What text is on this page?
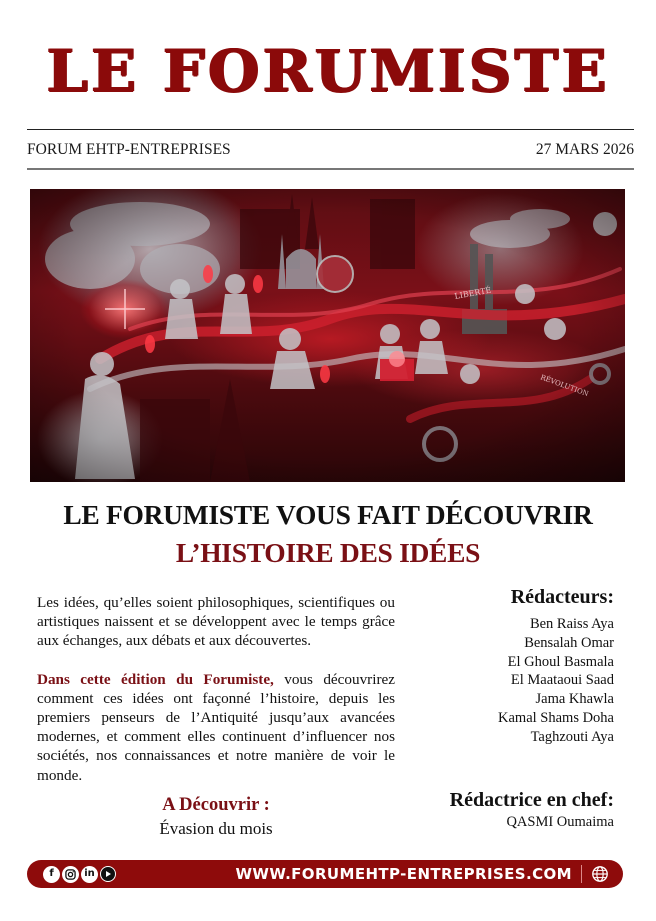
LE FORUMISTE
FORUM EHTP-ENTREPRISES	27 MARS 2026
LE FORUMISTE VOUS FAIT DÉCOUVRIR
L’HISTOIRE DES IDÉES

Les idées, qu’elles soient philosophiques, scientifiques ou artistiques naissent et se développent avec le temps grâce aux échanges, aux débats et aux découvertes.

Dans cette édition du Forumiste, vous découvrirez comment ces idées ont façonné l’histoire, depuis les premiers penseurs de l’Antiquité jusqu’aux avancées modernes, et comment elles continuent d’influencer nos sociétés, nos connaissances et notre manière de voir le monde.

A Découvrir :
Évasion du mois
Rédacteurs:
Ben Raiss Aya
Bensalah Omar
El Ghoul Basmala
El Maataoui Saad
Jama Khawla
Kamal Shams Doha
Taghzouti Aya
Rédactrice en chef:
QASMI Oumaima
f	in	WWW.FORUMEHTP-ENTREPRISES.COM
